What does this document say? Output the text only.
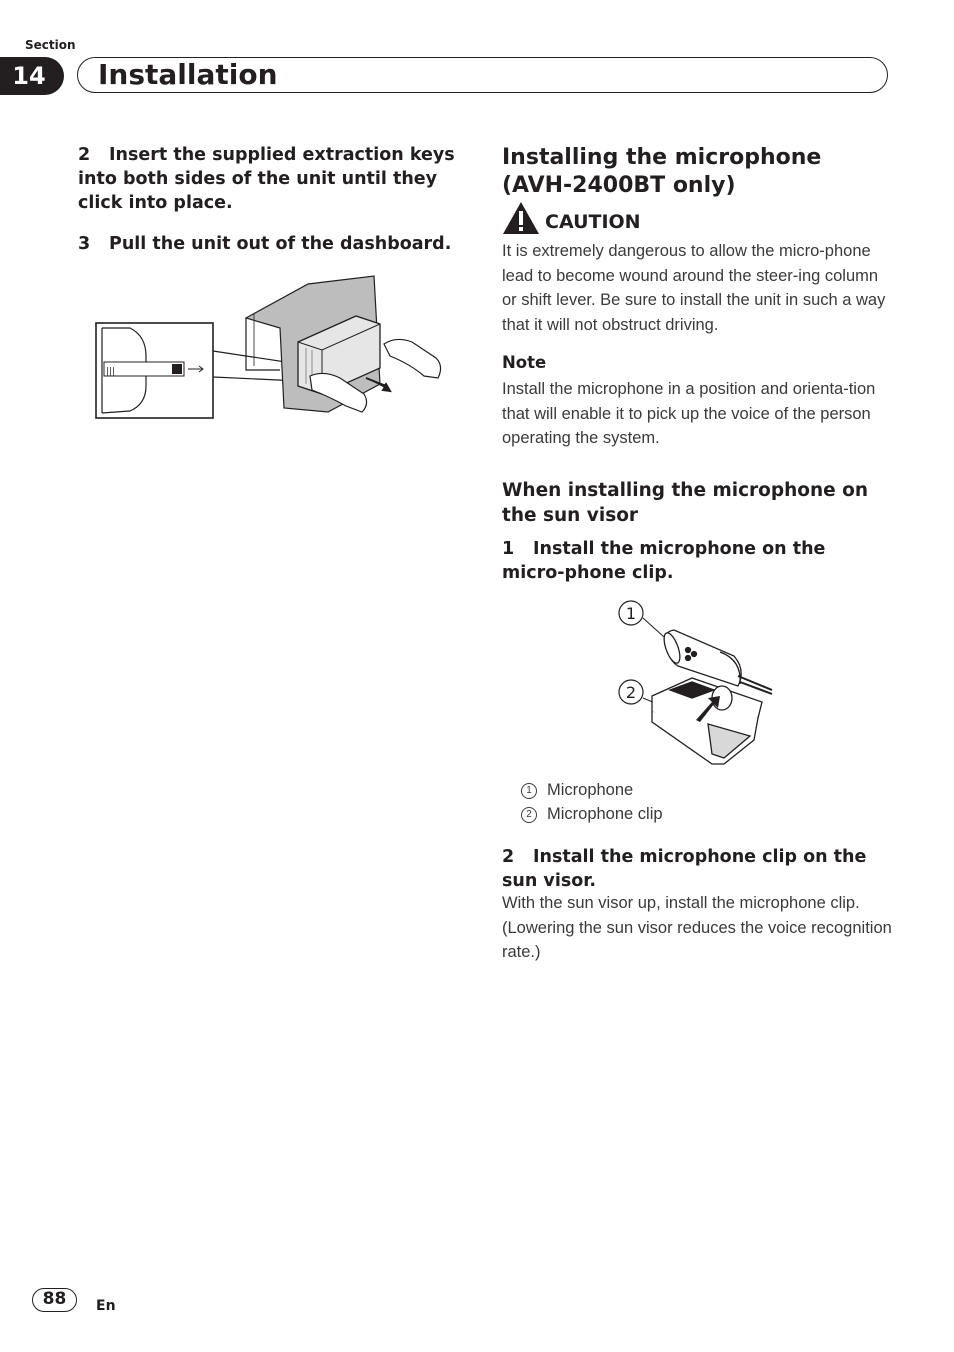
Section
14	Installation
2 Insert the supplied extraction keys into both sides of the unit until they click into place.
3 Pull the unit out of the dashboard.
|||
Installing the microphone (AVH-2400BT only)
CAUTION
It is extremely dangerous to allow the micro-phone lead to become wound around the steer-ing column or shift lever. Be sure to install the unit in such a way that it will not obstruct driving.
Note
Install the microphone in a position and orienta-tion that will enable it to pick up the voice of the person operating the system.
When installing the microphone on the sun visor
1 Install the microphone on the micro-phone clip.
1
2
1 Microphone
2 Microphone clip
2 Install the microphone clip on the sun visor.
With the sun visor up, install the microphone clip. (Lowering the sun visor reduces the voice recognition rate.)
88	En
